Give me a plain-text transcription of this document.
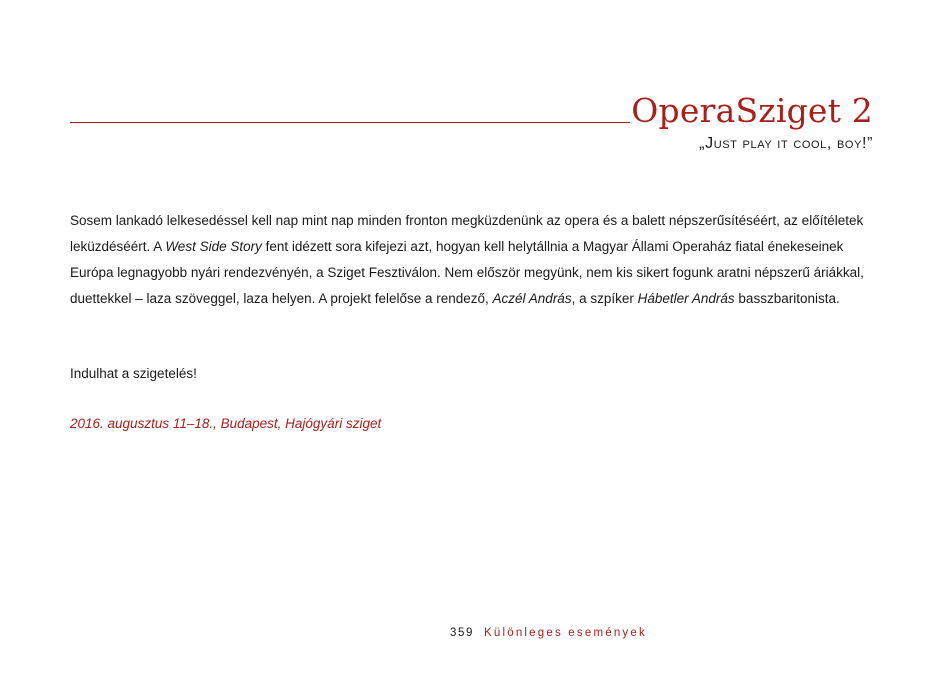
OperaSziget 2
„Just play it cool, boy!”

Sosem lankadó lelkesedéssel kell nap mint nap minden fronton megküzdenünk az opera és a balett népszerűsítéséért, az előítéletek leküzdéséért. A West Side Story fent idézett sora kifejezi azt, hogyan kell helytállnia a Magyar Állami Operaház fiatal énekeseinek Európa legnagyobb nyári rendezvényén, a Sziget Fesztiválon. Nem először megyünk, nem kis sikert fogunk aratni népszerű áriákkal, duettekkel – laza szöveggel, laza helyen. A projekt felelőse a rendező, Aczél András, a szpíker Hábetler András basszbaritonista.

Indulhat a szigetelés!
2016. augusztus 11–18., Budapest, Hajógyári sziget
359 Különleges események
